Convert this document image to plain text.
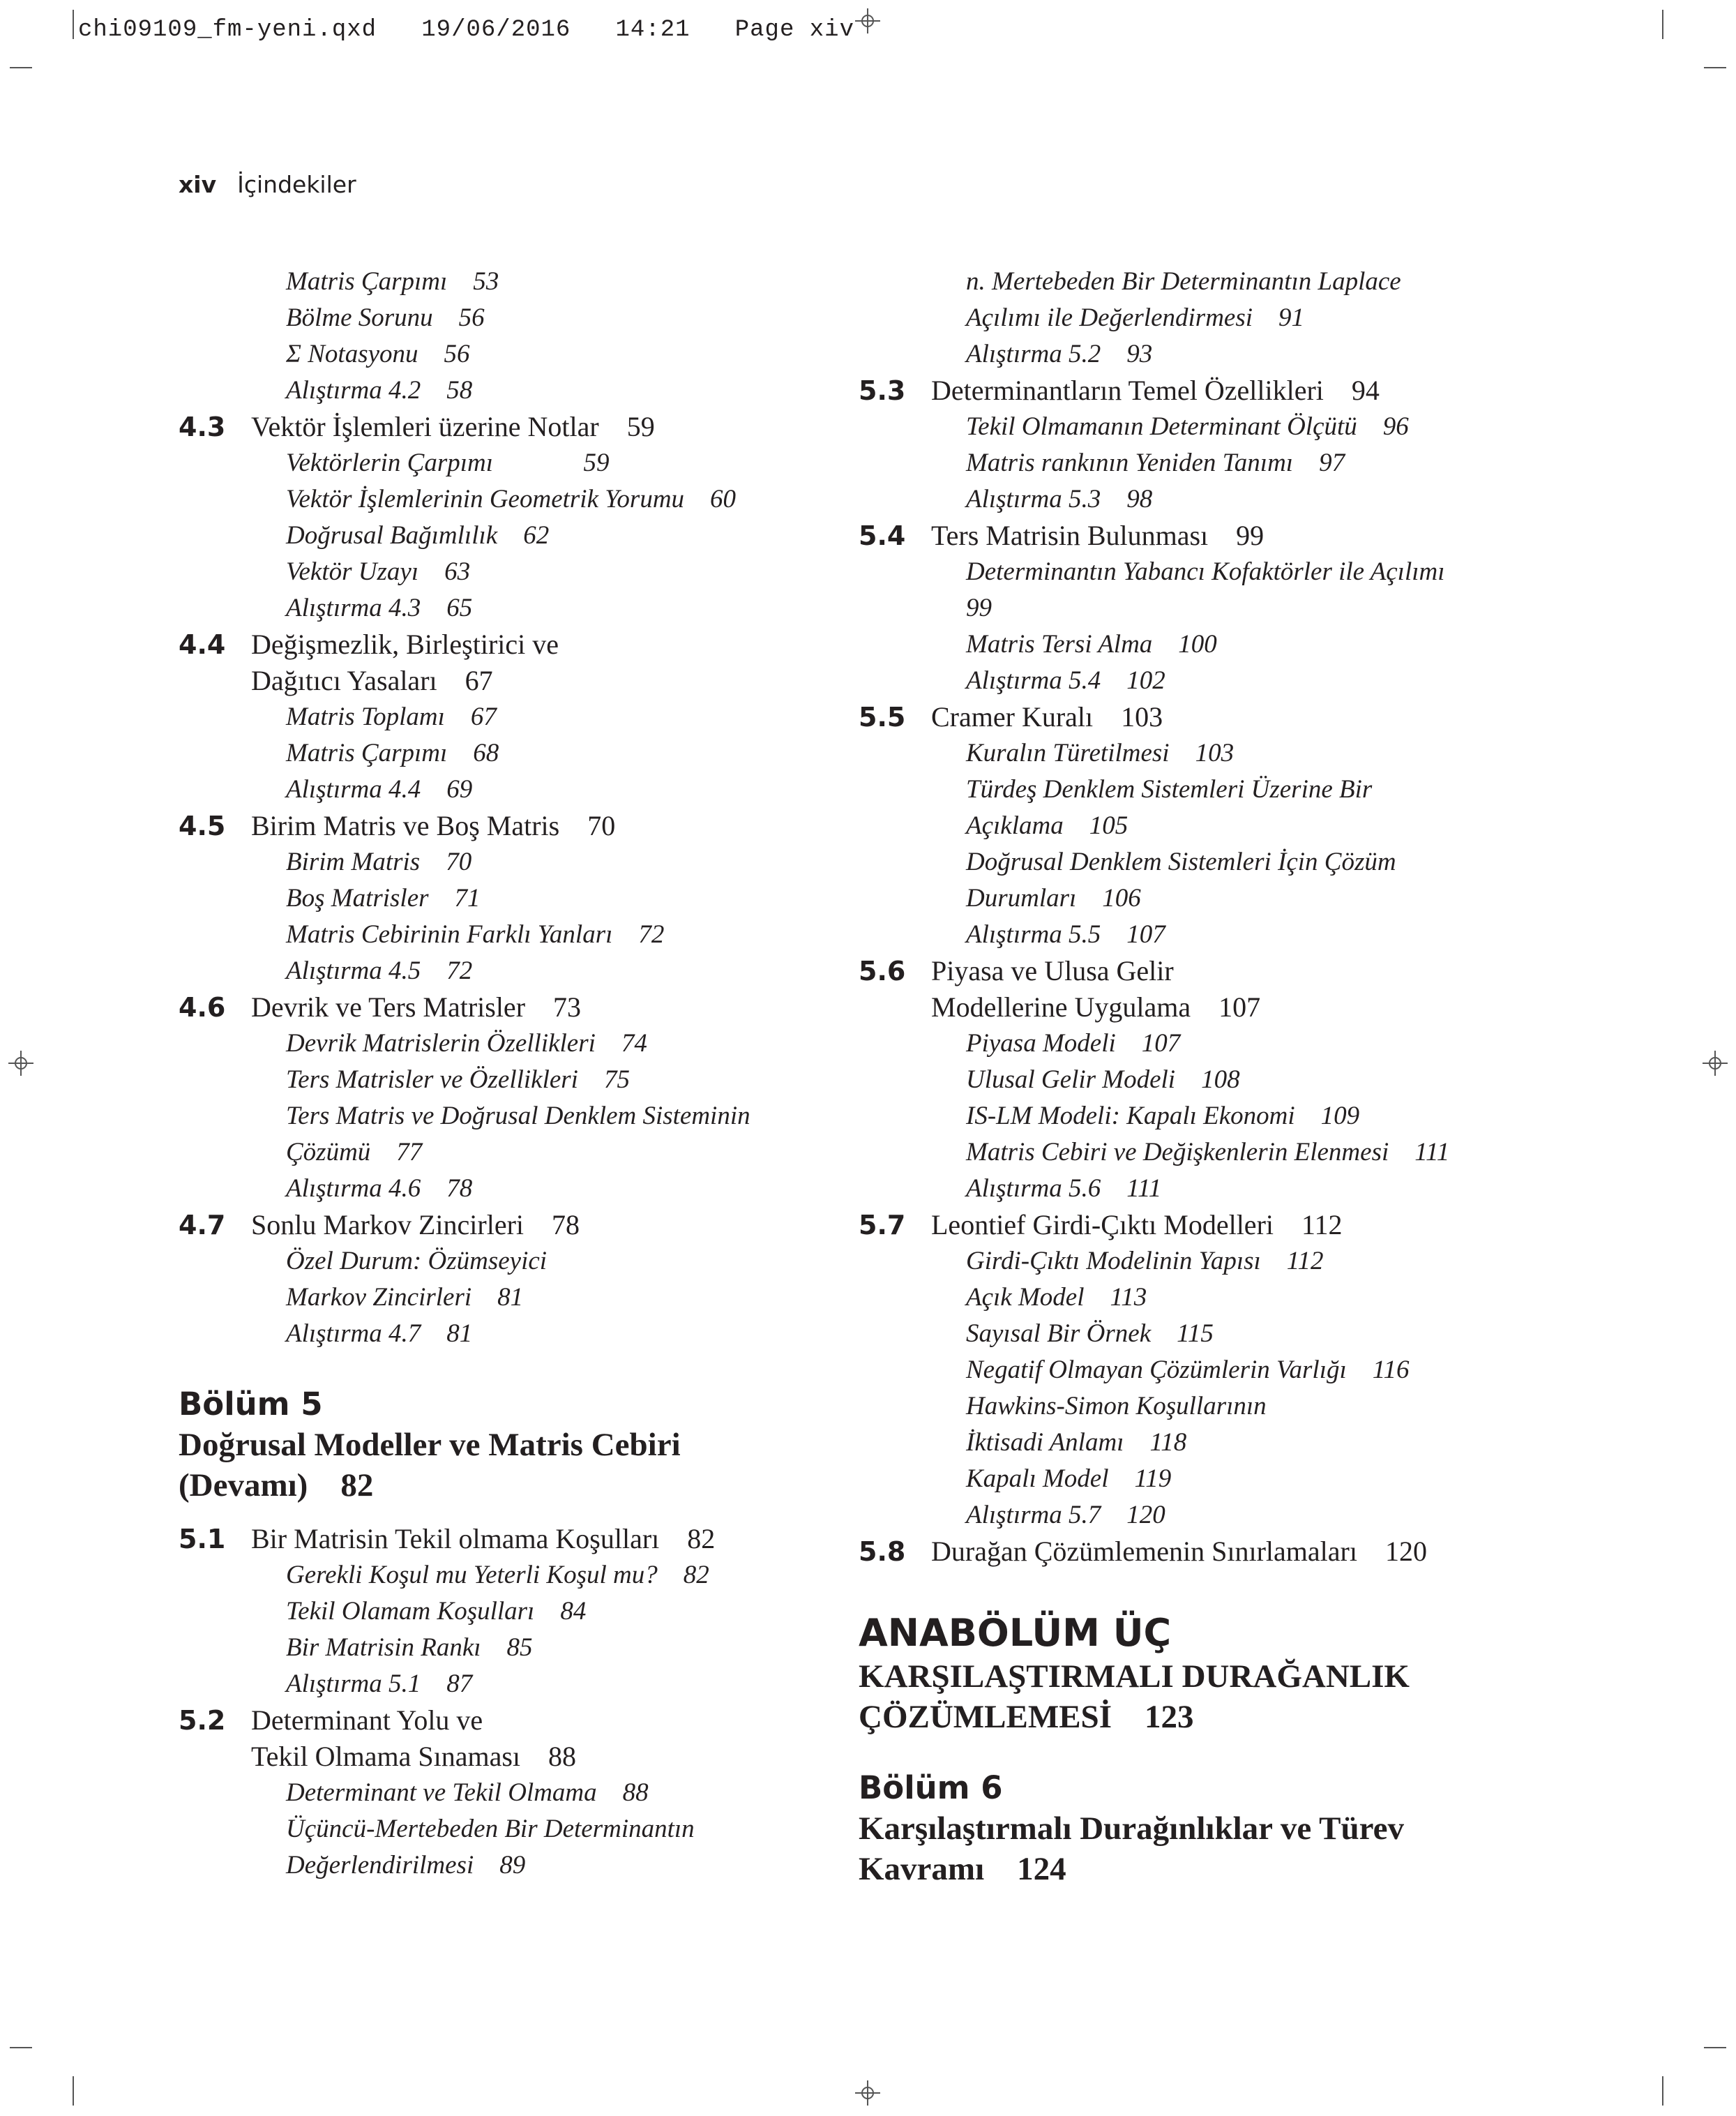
chi09109_fm-yeni.qxd   19/06/2016   14:21   Page xiv
xiv İçindekiler
Matris Çarpımı    53
Bölme Sorunu    56
Σ Notasyonu    56
Alıştırma 4.2    58
4.3 Vektör İşlemleri üzerine Notlar    59
Vektörlerin Çarpımı              59
Vektör İşlemlerinin Geometrik Yorumu    60
Doğrusal Bağımlılık    62
Vektör Uzayı    63
Alıştırma 4.3    65
4.4 Değişmezlik, Birleştirici ve
Dağıtıcı Yasaları    67
Matris Toplamı    67
Matris Çarpımı    68
Alıştırma 4.4    69
4.5 Birim Matris ve Boş Matris    70
Birim Matris    70
Boş Matrisler    71
Matris Cebirinin Farklı Yanları    72
Alıştırma 4.5    72
4.6 Devrik ve Ters Matrisler    73
Devrik Matrislerin Özellikleri    74
Ters Matrisler ve Özellikleri    75
Ters Matris ve Doğrusal Denklem Sisteminin
Çözümü    77
Alıştırma 4.6    78
4.7 Sonlu Markov Zincirleri    78
Özel Durum: Özümseyici
Markov Zincirleri    81
Alıştırma 4.7    81
Bölüm 5
Doğrusal Modeller ve Matris Cebiri
(Devamı)    82
5.1 Bir Matrisin Tekil olmama Koşulları    82
Gerekli Koşul mu Yeterli Koşul mu?    82
Tekil Olamam Koşulları    84
Bir Matrisin Rankı    85
Alıştırma 5.1    87
5.2 Determinant Yolu ve
Tekil Olmama Sınaması    88
Determinant ve Tekil Olmama    88
Üçüncü-Mertebeden Bir Determinantın
Değerlendirilmesi    89
n. Mertebeden Bir Determinantın Laplace
Açılımı ile Değerlendirmesi    91
Alıştırma 5.2    93
5.3 Determinantların Temel Özellikleri    94
Tekil Olmamanın Determinant Ölçütü    96
Matris rankının Yeniden Tanımı    97
Alıştırma 5.3    98
5.4 Ters Matrisin Bulunması    99
Determinantın Yabancı Kofaktörler ile Açılımı
99
Matris Tersi Alma    100
Alıştırma 5.4    102
5.5 Cramer Kuralı    103
Kuralın Türetilmesi    103
Türdeş Denklem Sistemleri Üzerine Bir
Açıklama    105
Doğrusal Denklem Sistemleri İçin Çözüm
Durumları    106
Alıştırma 5.5    107
5.6 Piyasa ve Ulusa Gelir
Modellerine Uygulama    107
Piyasa Modeli    107
Ulusal Gelir Modeli    108
IS-LM Modeli: Kapalı Ekonomi    109
Matris Cebiri ve Değişkenlerin Elenmesi    111
Alıştırma 5.6    111
5.7 Leontief Girdi-Çıktı Modelleri    112
Girdi-Çıktı Modelinin Yapısı    112
Açık Model    113
Sayısal Bir Örnek    115
Negatif Olmayan Çözümlerin Varlığı    116
Hawkins-Simon Koşullarının
İktisadi Anlamı    118
Kapalı Model    119
Alıştırma 5.7    120
5.8 Durağan Çözümlemenin Sınırlamaları    120
ANABÖLÜM ÜÇ
KARŞILAŞTIRMALI DURAĞANLIK
ÇÖZÜMLEMESİ    123
Bölüm 6
Karşılaştırmalı Durağınlıklar ve Türev
Kavramı    124
